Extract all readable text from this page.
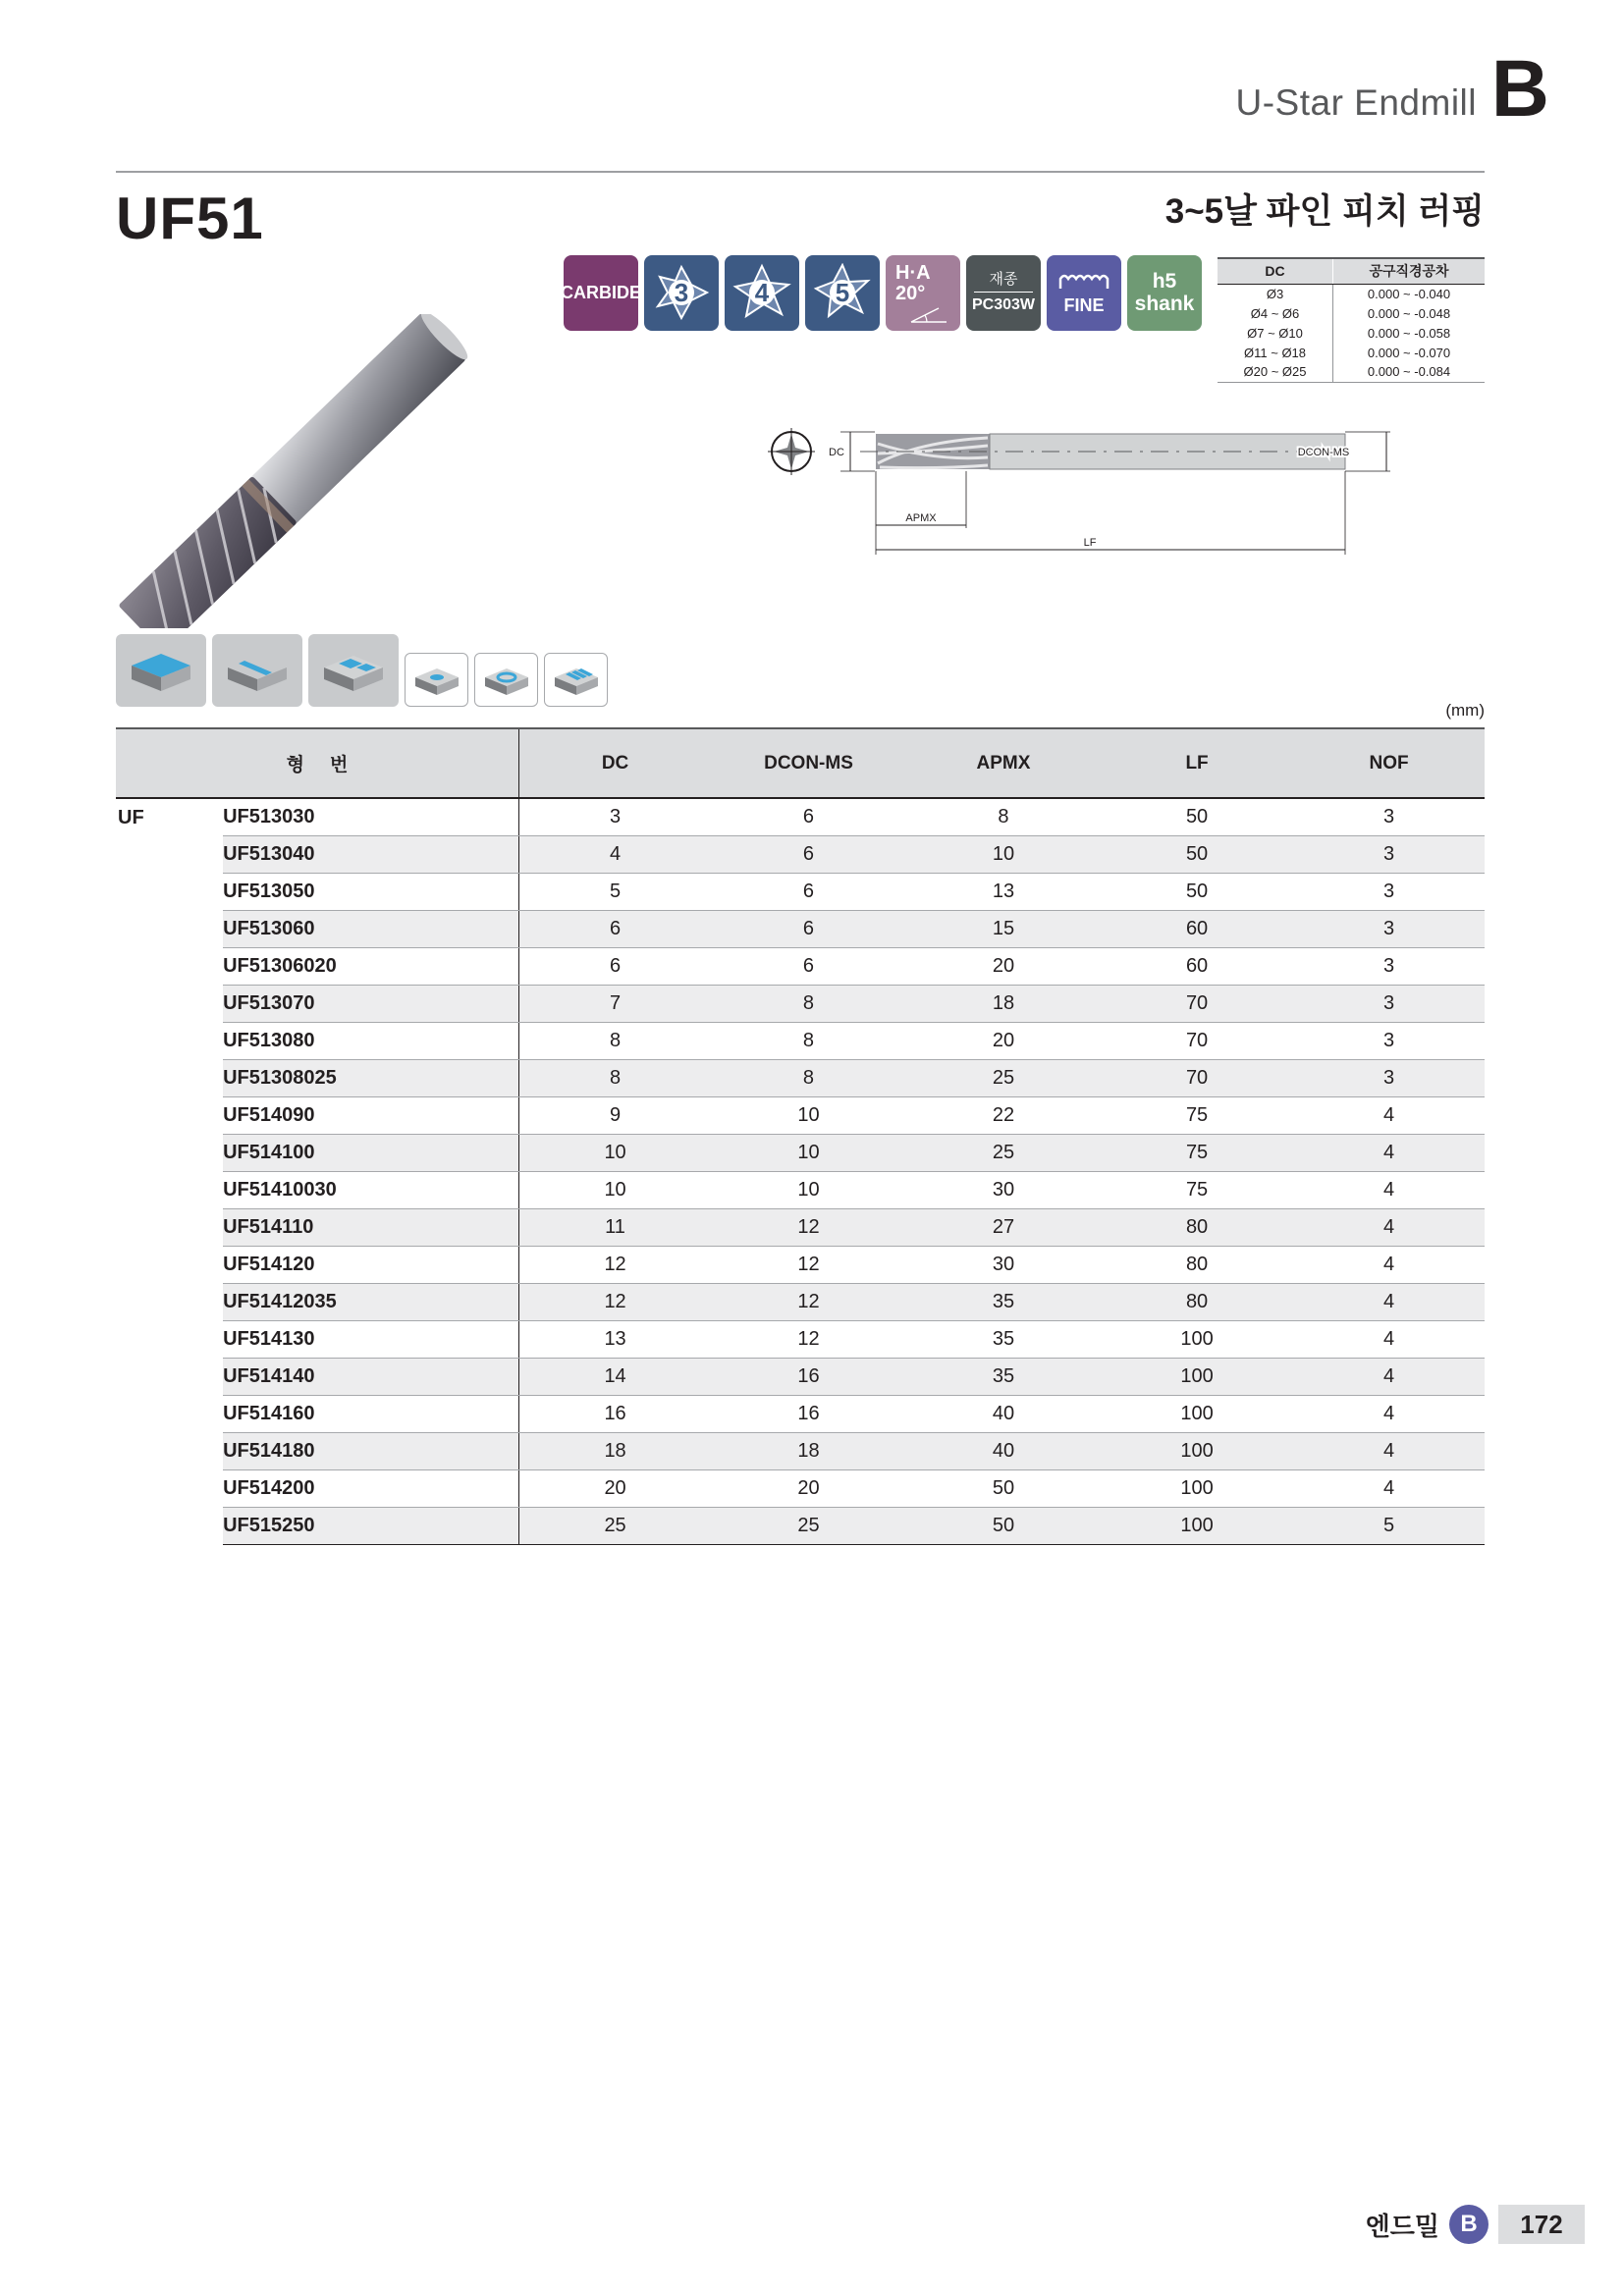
U-Star Endmill B
UF51	3~5날 파인 피치 러핑
CARBIDE 3	4	5
H·A
20°
재종
PC303W FINE
h5
shank
DC	공구직경공차
Ø3	0.000 ~ -0.040
Ø4 ~ Ø6	0.000 ~ -0.048
Ø7 ~ Ø10	0.000 ~ -0.058
Ø11 ~ Ø18	0.000 ~ -0.070
Ø20 ~ Ø25	0.000 ~ -0.084
DC	DCON-MS
APMX
LF
(mm)
형번		DC	DCON-MS	APMX	LF	NOF
UF	UF513030	3	6	8	50	3
	UF513040	4	6	10	50	3
	UF513050	5	6	13	50	3
	UF513060	6	6	15	60	3
	UF51306020	6	6	20	60	3
	UF513070	7	8	18	70	3
	UF513080	8	8	20	70	3
	UF51308025	8	8	25	70	3
	UF514090	9	10	22	75	4
	UF514100	10	10	25	75	4
	UF51410030	10	10	30	75	4
	UF514110	11	12	27	80	4
	UF514120	12	12	30	80	4
	UF51412035	12	12	35	80	4
	UF514130	13	12	35	100	4
	UF514140	14	16	35	100	4
	UF514160	16	16	40	100	4
	UF514180	18	18	40	100	4
	UF514200	20	20	50	100	4
	UF515250	25	25	50	100	5
엔드밀 B	172
